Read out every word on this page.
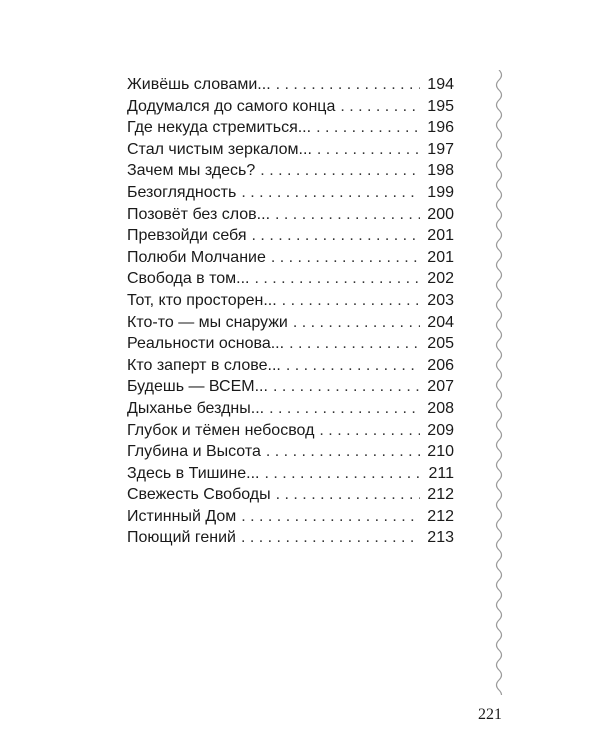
Живёшь словами... . . .	194
Додумался до самого конца . . .	195
Где некуда стремиться... . . .	196
Стал чистым зеркалом... . . .	197
Зачем мы здесь? . . .	198
Безоглядность . . .	199
Позовёт без слов... . . .	200
Превзойди себя . . .	201
Полюби Молчание . . .	201
Свобода в том... . . .	202
Тот, кто просторен... . . .	203
Кто-то — мы снаружи . . .	204
Реальности основа... . . .	205
Кто заперт в слове... . . .	206
Будешь — ВСЕМ... . . .	207
Дыханье бездны... . . .	208
Глубок и тёмен небосвод . . .	209
Глубина и Высота . . .	210
Здесь в Тишине... . . .	211
Свежесть Свободы . . .	212
Истинный Дом . . .	212
Поющий гений . . .	213
221
